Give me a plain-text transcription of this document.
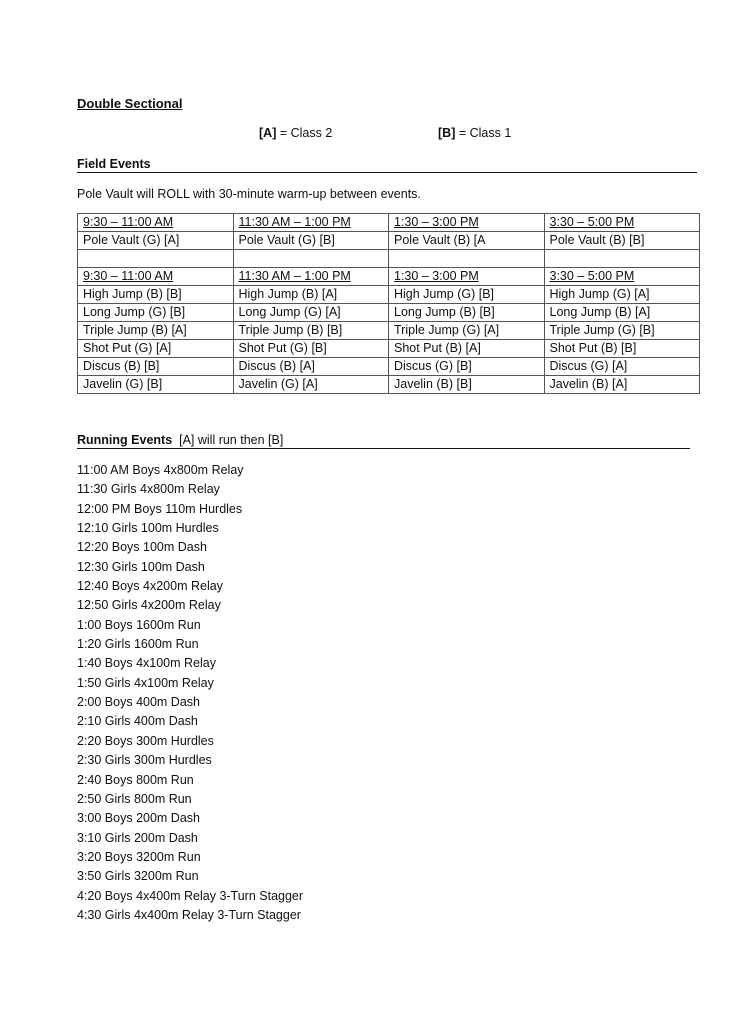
Double Sectional
[A] = Class 2	[B] = Class 1
Field Events
Pole Vault will ROLL with 30-minute warm-up between events.
9:30 – 11:00 AM	11:30 AM – 1:00 PM	1:30 – 3:00 PM	3:30 – 5:00 PM
Pole Vault (G) [A]	Pole Vault (G) [B]	Pole Vault (B) [A	Pole Vault (B) [B]

9:30 – 11:00 AM	11:30 AM – 1:00 PM	1:30 – 3:00 PM	3:30 – 5:00 PM
High Jump (B) [B]	High Jump (B) [A]	High Jump (G) [B]	High Jump (G) [A]
Long Jump (G) [B]	Long Jump (G) [A]	Long Jump (B) [B]	Long Jump (B) [A]
Triple Jump (B) [A]	Triple Jump (B) [B]	Triple Jump (G) [A]	Triple Jump (G) [B]
Shot Put (G) [A]	Shot Put (G) [B]	Shot Put (B) [A]	Shot Put (B) [B]
Discus (B) [B]	Discus (B) [A]	Discus (G) [B]	Discus (G) [A]
Javelin (G) [B]	Javelin (G) [A]	Javelin (B) [B]	Javelin (B) [A]
Running Events [A] will run then [B]
11:00 AM Boys 4x800m Relay
11:30 Girls 4x800m Relay
12:00 PM Boys 110m Hurdles
12:10 Girls 100m Hurdles
12:20 Boys 100m Dash
12:30 Girls 100m Dash
12:40 Boys 4x200m Relay
12:50 Girls 4x200m Relay
1:00 Boys 1600m Run
1:20 Girls 1600m Run
1:40 Boys 4x100m Relay
1:50 Girls 4x100m Relay
2:00 Boys 400m Dash
2:10 Girls 400m Dash
2:20 Boys 300m Hurdles
2:30 Girls 300m Hurdles
2:40 Boys 800m Run
2:50 Girls 800m Run
3:00 Boys 200m Dash
3:10 Girls 200m Dash
3:20 Boys 3200m Run
3:50 Girls 3200m Run
4:20 Boys 4x400m Relay 3-Turn Stagger
4:30 Girls 4x400m Relay 3-Turn Stagger
